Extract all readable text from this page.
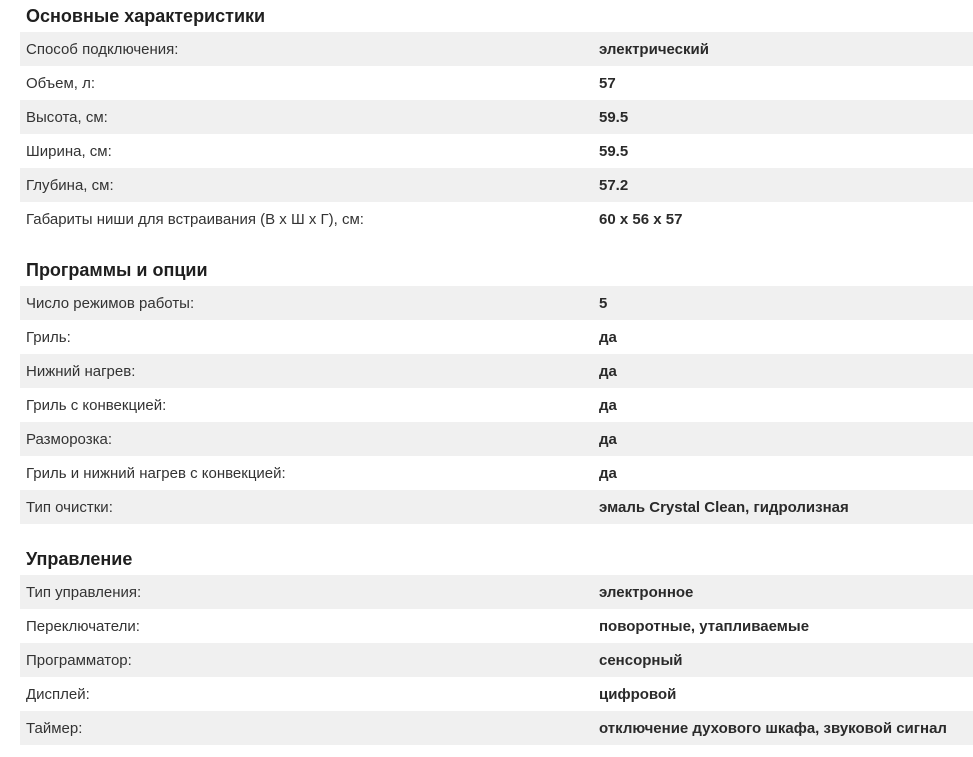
Основные характеристики
Способ подключения:	электрический
Объем, л:	57
Высота, см:	59.5
Ширина, см:	59.5
Глубина, см:	57.2
Габариты ниши для встраивания (В х Ш х Г), см:	60 x 56 x 57
Программы и опции
Число режимов работы:	5
Гриль:	да
Нижний нагрев:	да
Гриль с конвекцией:	да
Разморозка:	да
Гриль и нижний нагрев с конвекцией:	да
Тип очистки:	эмаль Crystal Clean, гидролизная
Управление
Тип управления:	электронное
Переключатели:	поворотные, утапливаемые
Программатор:	сенсорный
Дисплей:	цифровой
Таймер:	отключение духового шкафа, звуковой сигнал
